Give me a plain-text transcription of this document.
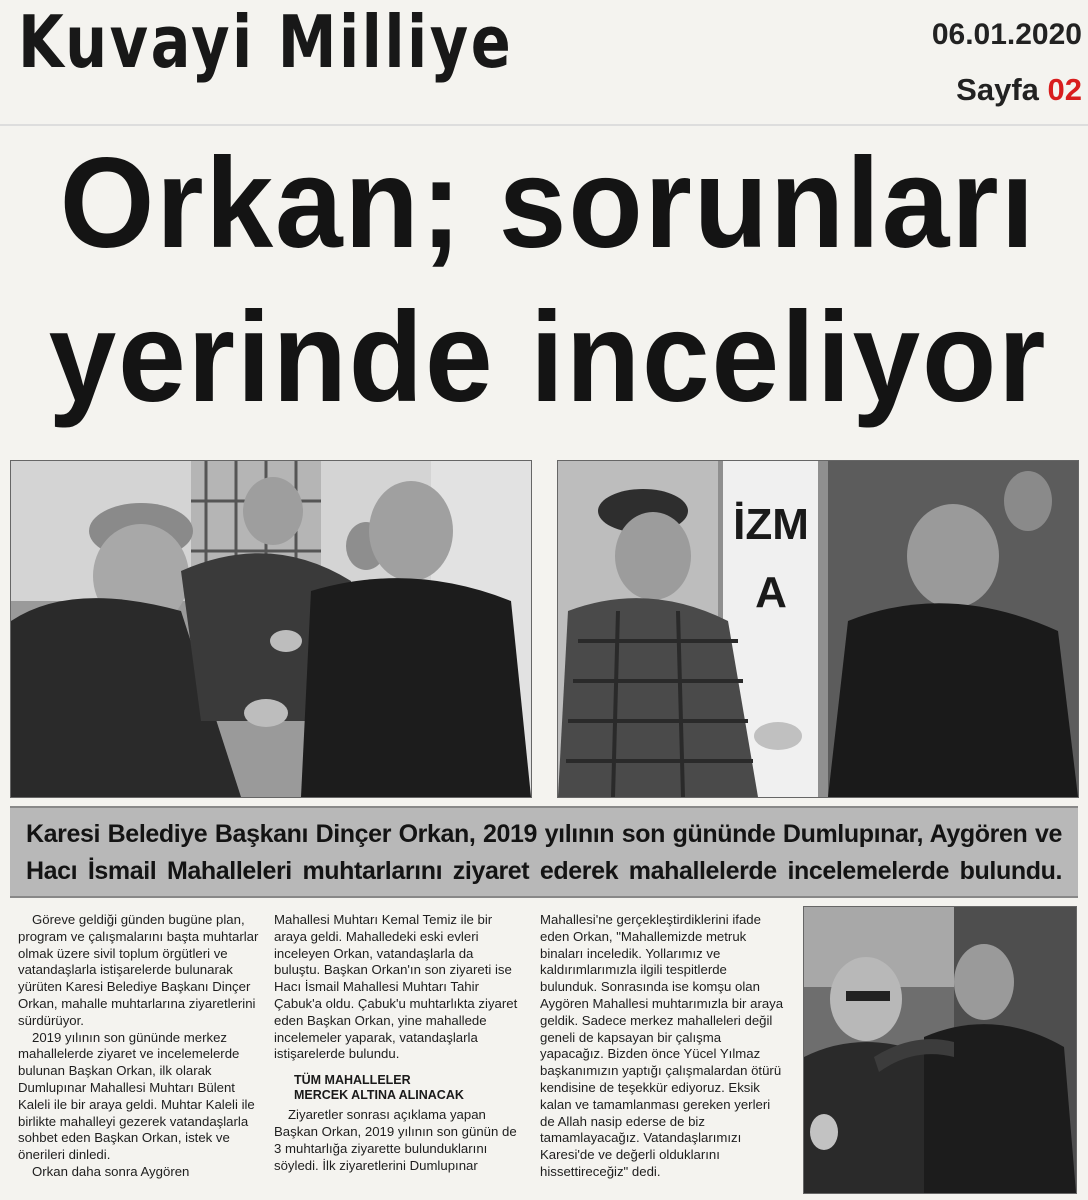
Kuvayi Milliye	06.01.2020
Sayfa 02
Orkan; sorunları
yerinde inceliyor
İZMA
Karesi Belediye Başkanı Dinçer Orkan, 2019 yılının son gününde Dumlupınar, Aygören ve Hacı İsmail Mahalleleri muhtarlarını ziyaret ederek mahallelerde incelemelerde bulundu.

Göreve geldiği günden bugüne plan, program ve çalışmalarını başta muhtarlar olmak üzere sivil toplum örgütleri ve vatandaşlarla istişarelerde bulunarak yürüten Karesi Belediye Başkanı Dinçer Orkan, mahalle muhtarlarına ziyaretlerini sürdürüyor.

2019 yılının son gününde merkez mahallelerde ziyaret ve incelemelerde bulunan Başkan Orkan, ilk olarak Dumlupınar Mahallesi Muhtarı Bülent Kaleli ile bir araya geldi. Muhtar Kaleli ile birlikte mahalleyi gezerek vatandaşlarla sohbet eden Başkan Orkan, istek ve önerileri dinledi.

Orkan daha sonra Aygören

Mahallesi Muhtarı Kemal Temiz ile bir araya geldi. Mahalledeki eski evleri inceleyen Orkan, vatandaşlarla da buluştu. Başkan Orkan'ın son ziyareti ise Hacı İsmail Mahallesi Muhtarı Tahir Çabuk'a oldu. Çabuk'u muhtarlıkta ziyaret eden Başkan Orkan, yine mahallede incelemeler yaparak, vatandaşlarla istişarelerde bulundu.

TÜM MAHALLELER
MERCEK ALTINA ALINACAK

Ziyaretler sonrası açıklama yapan Başkan Orkan, 2019 yılının son günün de 3 muhtarlığa ziyarette bulunduklarını söyledi. İlk ziyaretlerini Dumlupınar

Mahallesi'ne gerçekleştirdiklerini ifade eden Orkan, "Mahallemizde metruk binaları inceledik. Yollarımız ve kaldırımlarımızla ilgili tespitlerde bulunduk. Sonrasında ise komşu olan Aygören Mahallesi muhtarımızla bir araya geldik. Sadece merkez mahalleleri değil geneli de kapsayan bir çalışma yapacağız. Bizden önce Yücel Yılmaz başkanımızın yaptığı çalışmalardan ötürü kendisine de teşekkür ediyoruz. Eksik kalan ve tamamlanması gereken yerleri de Allah nasip ederse de biz tamamlayacağız. Vatandaşlarımızı Karesi'de ve değerli olduklarını hissettireceğiz" dedi.
